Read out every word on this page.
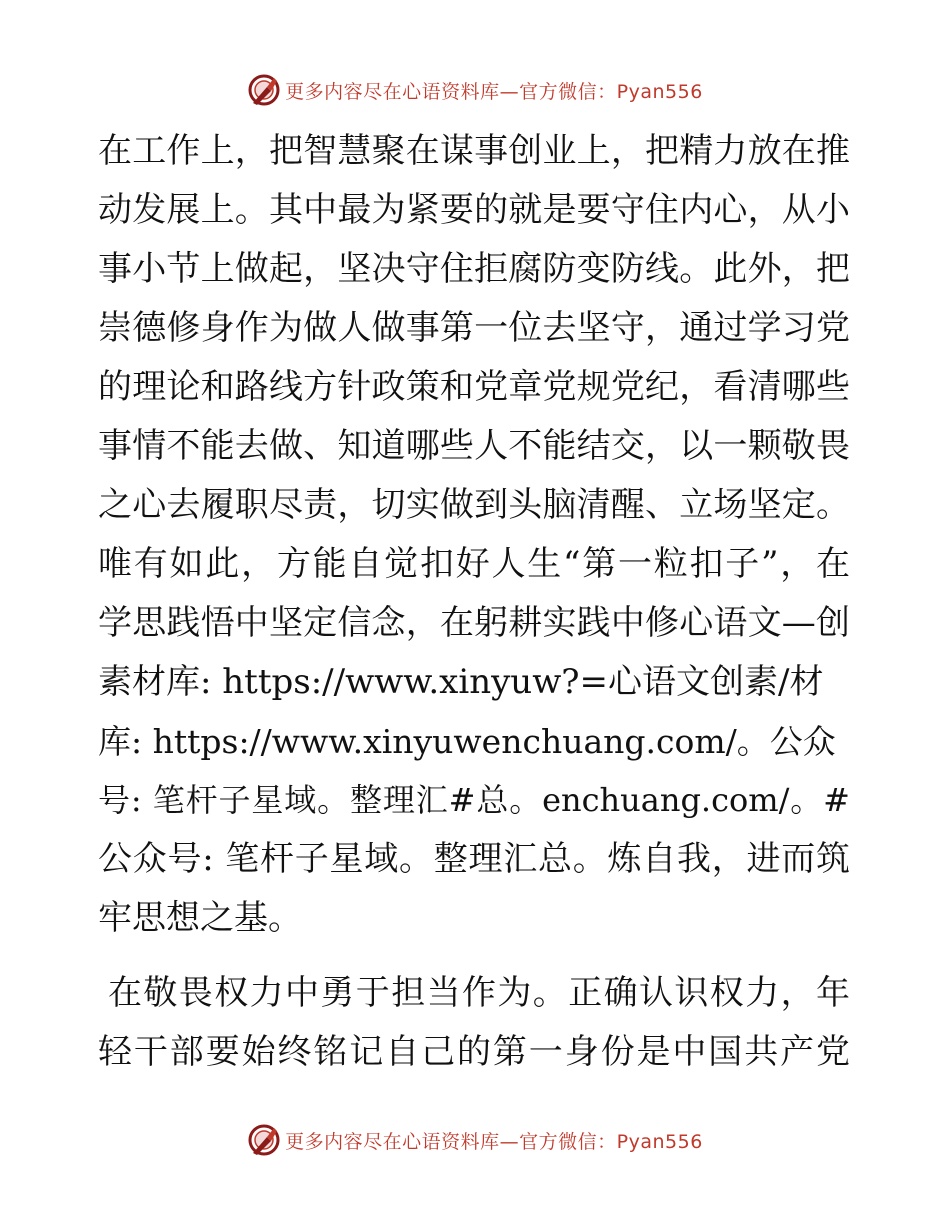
更多内容尽在心语资料库—官方微信：Pyan556
在工作上，把智慧聚在谋事创业上，把精力放在推
动发展上。其中最为紧要的就是要守住内心，从小
事小节上做起，坚决守住拒腐防变防线。此外，把
崇德修身作为做人做事第一位去坚守，通过学习党
的理论和路线方针政策和党章党规党纪，看清哪些
事情不能去做、知道哪些人不能结交，以一颗敬畏
之心去履职尽责，切实做到头脑清醒、立场坚定。
唯有如此，方能自觉扣好人生“第一粒扣子”，在
学思践悟中坚定信念，在躬耕实践中修心语文—创
素材库: https://www.xinyuw?=心语文创素/材
库: https://www.xinyuwenchuang.com/。公众
号: 笔杆子星域。整理汇#总。enchuang.com/。#
公众号: 笔杆子星域。整理汇总。炼自我，进而筑
牢思想之基。
在敬畏权力中勇于担当作为。正确认识权力，年
轻干部要始终铭记自己的第一身份是中国共产党
更多内容尽在心语资料库—官方微信：Pyan556
